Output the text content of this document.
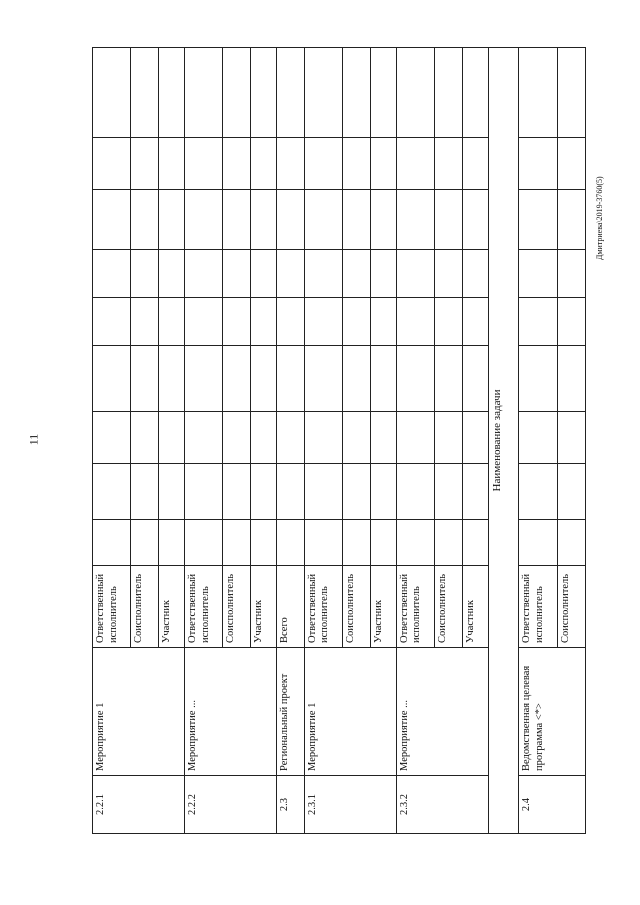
11
2.2.1	Мероприятие 1	Ответственный исполнитель									
		Соисполнитель									
		Участник									
2.2.2	Мероприятие ...	Ответственный исполнитель									
		Соисполнитель									
		Участник									
2.3	Региональный проект	Всего									
2.3.1	Мероприятие 1	Ответственный исполнитель									
		Соисполнитель									
		Участник									
2.3.2	Мероприятие ...	Ответственный исполнитель									
		Соисполнитель									
		Участник									
Наименование задачи											
2.4	Ведомственная целевая программа <*>	Ответственный исполнитель									
		Соисполнитель									
Дмитриева\2019-3760(5)
